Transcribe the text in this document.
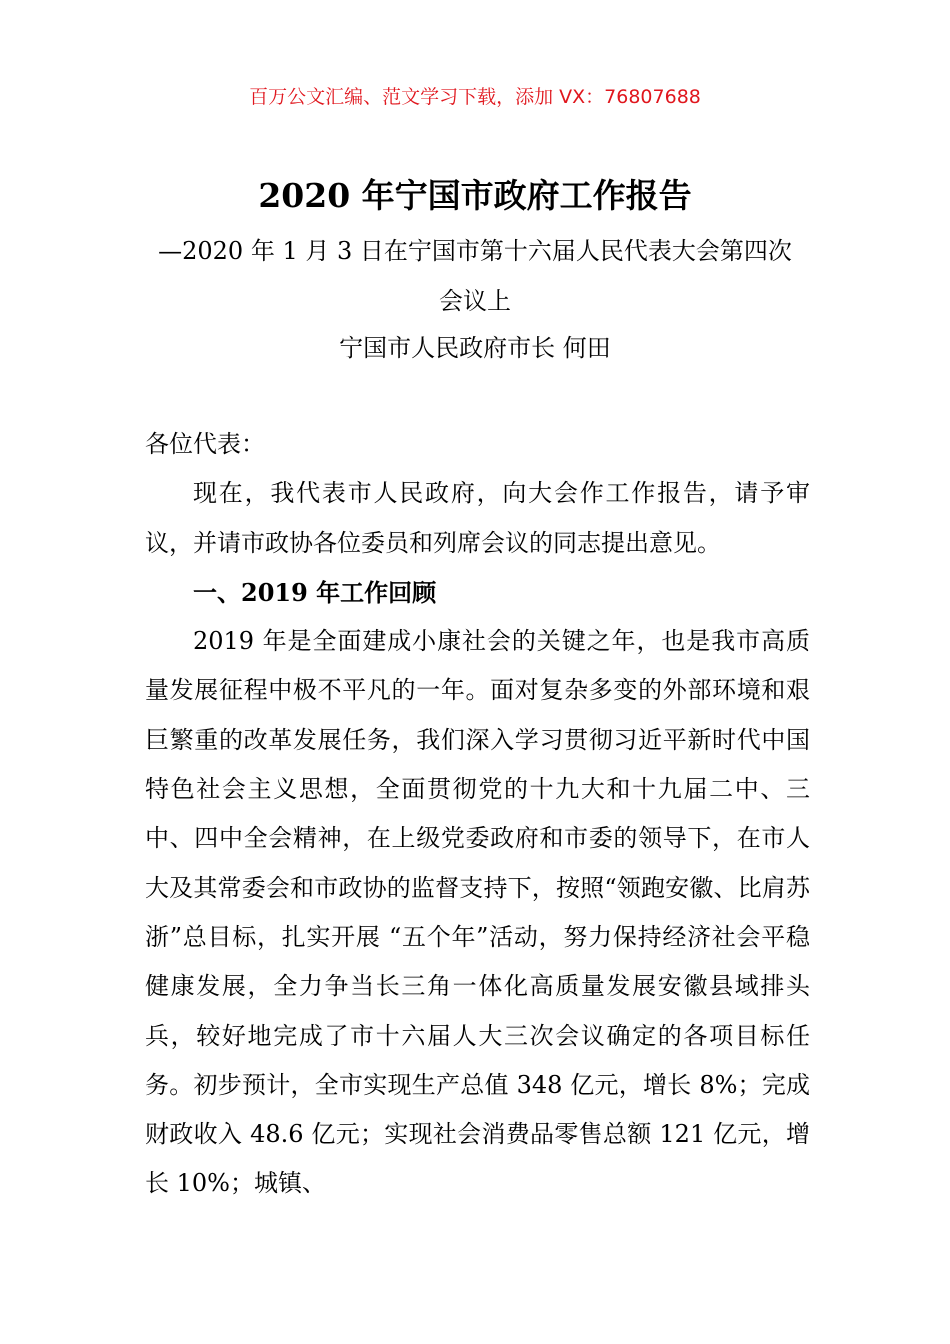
百万公文汇编、范文学习下载，添加 VX：76807688
2020 年宁国市政府工作报告
—2020 年 1 月 3 日在宁国市第十六届人民代表大会第四次会议上
宁国市人民政府市长 何田

各位代表：

现在，我代表市人民政府，向大会作工作报告，请予审议，并请市政协各位委员和列席会议的同志提出意见。

一、2019 年工作回顾

2019 年是全面建成小康社会的关键之年，也是我市高质量发展征程中极不平凡的一年。面对复杂多变的外部环境和艰巨繁重的改革发展任务，我们深入学习贯彻习近平新时代中国特色社会主义思想，全面贯彻党的十九大和十九届二中、三中、四中全会精神，在上级党委政府和市委的领导下，在市人大及其常委会和市政协的监督支持下，按照“领跑安徽、比肩苏浙”总目标，扎实开展 “五个年”活动，努力保持经济社会平稳健康发展，全力争当长三角一体化高质量发展安徽县域排头兵，较好地完成了市十六届人大三次会议确定的各项目标任务。初步预计，全市实现生产总值 348 亿元，增长 8%；完成财政收入 48.6 亿元；实现社会消费品零售总额 121 亿元，增长 10%；城镇、
